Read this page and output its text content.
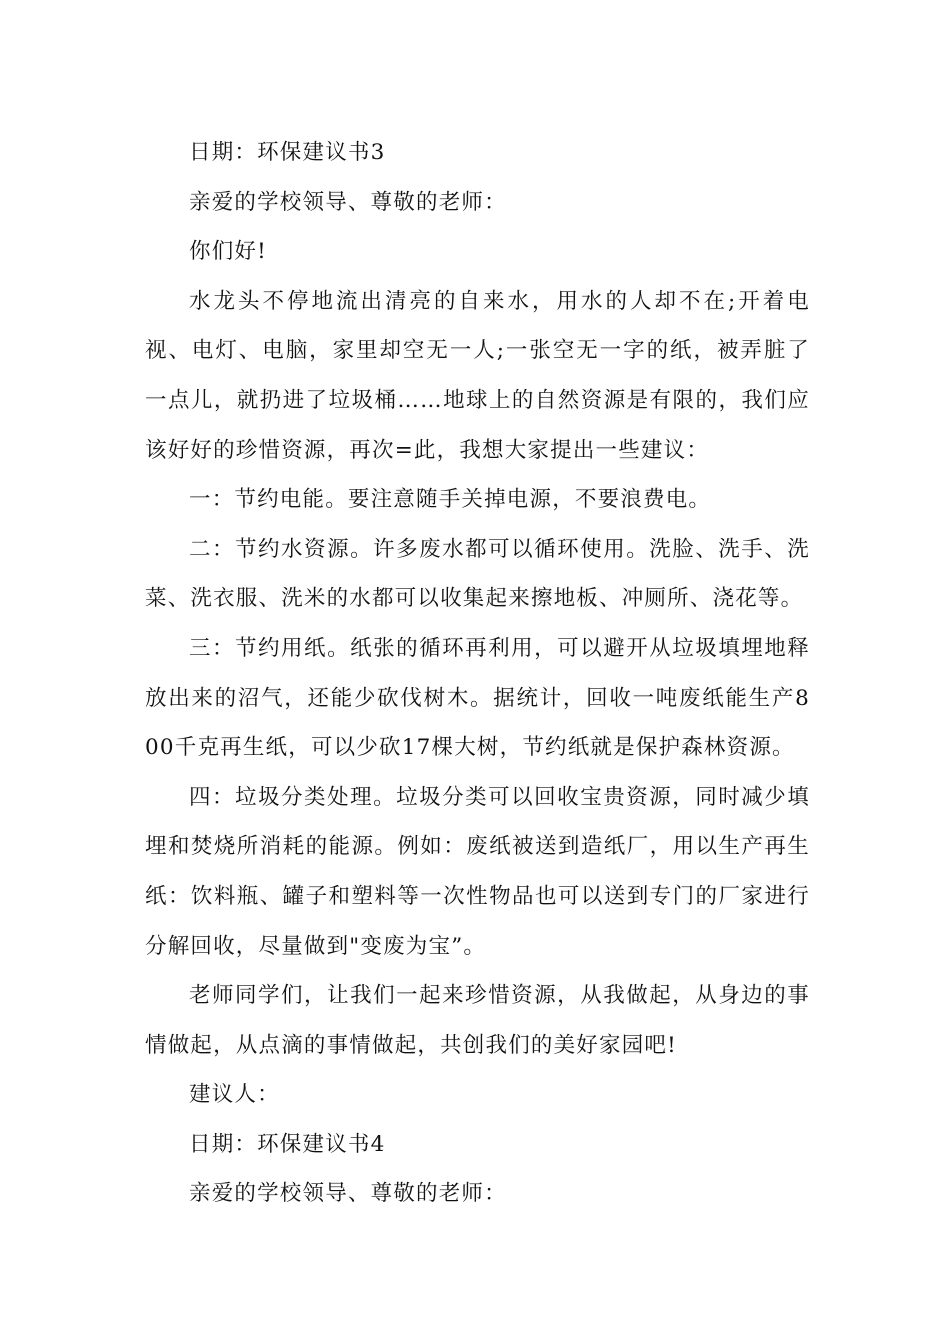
日期：环保建议书3

亲爱的学校领导、尊敬的老师：

你们好!

水龙头不停地流出清亮的自来水，用水的人却不在;开着电视、电灯、电脑，家里却空无一人;一张空无一字的纸，被弄脏了一点儿，就扔进了垃圾桶……地球上的自然资源是有限的，我们应该好好的珍惜资源，再次=此，我想大家提出一些建议：

一：节约电能。要注意随手关掉电源，不要浪费电。

二：节约水资源。许多废水都可以循环使用。洗脸、洗手、洗菜、洗衣服、洗米的水都可以收集起来擦地板、冲厕所、浇花等。

三：节约用纸。纸张的循环再利用，可以避开从垃圾填埋地释放出来的沼气，还能少砍伐树木。据统计，回收一吨废纸能生产800千克再生纸，可以少砍17棵大树，节约纸就是保护森林资源。

四：垃圾分类处理。垃圾分类可以回收宝贵资源，同时减少填埋和焚烧所消耗的能源。例如：废纸被送到造纸厂，用以生产再生纸：饮料瓶、罐子和塑料等一次性物品也可以送到专门的厂家进行分解回收，尽量做到"变废为宝”。

老师同学们，让我们一起来珍惜资源，从我做起，从身边的事情做起，从点滴的事情做起，共创我们的美好家园吧!

建议人：

日期：环保建议书4

亲爱的学校领导、尊敬的老师：
